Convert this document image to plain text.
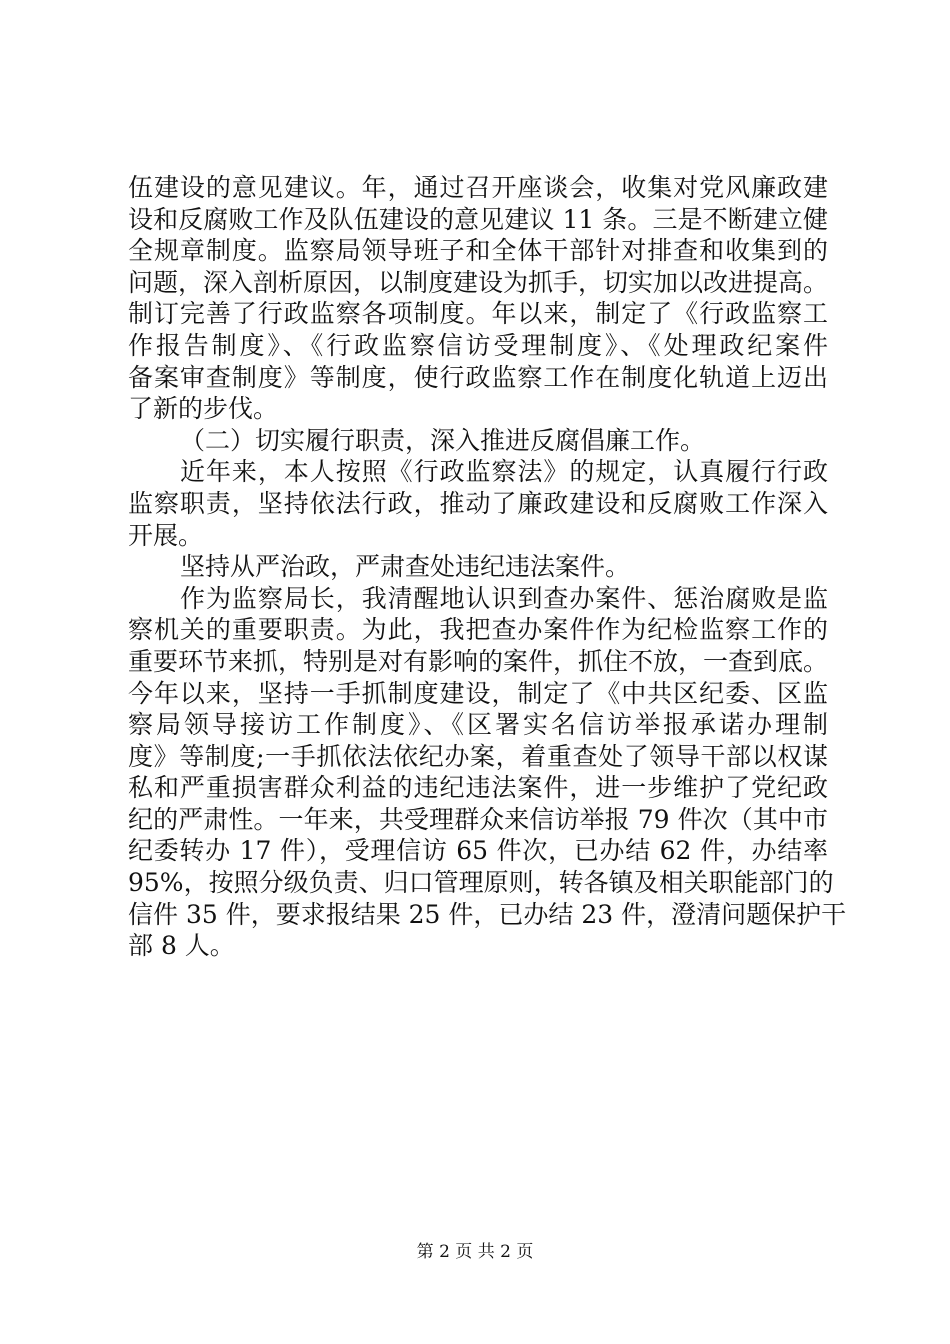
伍建设的意见建议。年，通过召开座谈会，收集对党风廉政建
设和反腐败工作及队伍建设的意见建议 11 条。三是不断建立健
全规章制度。监察局领导班子和全体干部针对排查和收集到的
问题，深入剖析原因，以制度建设为抓手，切实加以改进提高。
制订完善了行政监察各项制度。年以来，制定了《行政监察工
作报告制度》、《行政监察信访受理制度》、《处理政纪案件
备案审查制度》等制度，使行政监察工作在制度化轨道上迈出
了新的步伐。
（二）切实履行职责，深入推进反腐倡廉工作。
近年来，本人按照《行政监察法》的规定，认真履行行政
监察职责，坚持依法行政，推动了廉政建设和反腐败工作深入
开展。
坚持从严治政，严肃查处违纪违法案件。
作为监察局长，我清醒地认识到查办案件、惩治腐败是监
察机关的重要职责。为此，我把查办案件作为纪检监察工作的
重要环节来抓，特别是对有影响的案件，抓住不放，一查到底。
今年以来，坚持一手抓制度建设，制定了《中共区纪委、区监
察局领导接访工作制度》、《区署实名信访举报承诺办理制
度》等制度;一手抓依法依纪办案，着重查处了领导干部以权谋
私和严重损害群众利益的违纪违法案件，进一步维护了党纪政
纪的严肃性。一年来，共受理群众来信访举报 79 件次（其中市
纪委转办 17 件），受理信访 65 件次，已办结 62 件，办结率
95%，按照分级负责、归口管理原则，转各镇及相关职能部门的
信件 35 件，要求报结果 25 件，已办结 23 件，澄清问题保护干
部 8 人。
第 2 页 共 2 页
